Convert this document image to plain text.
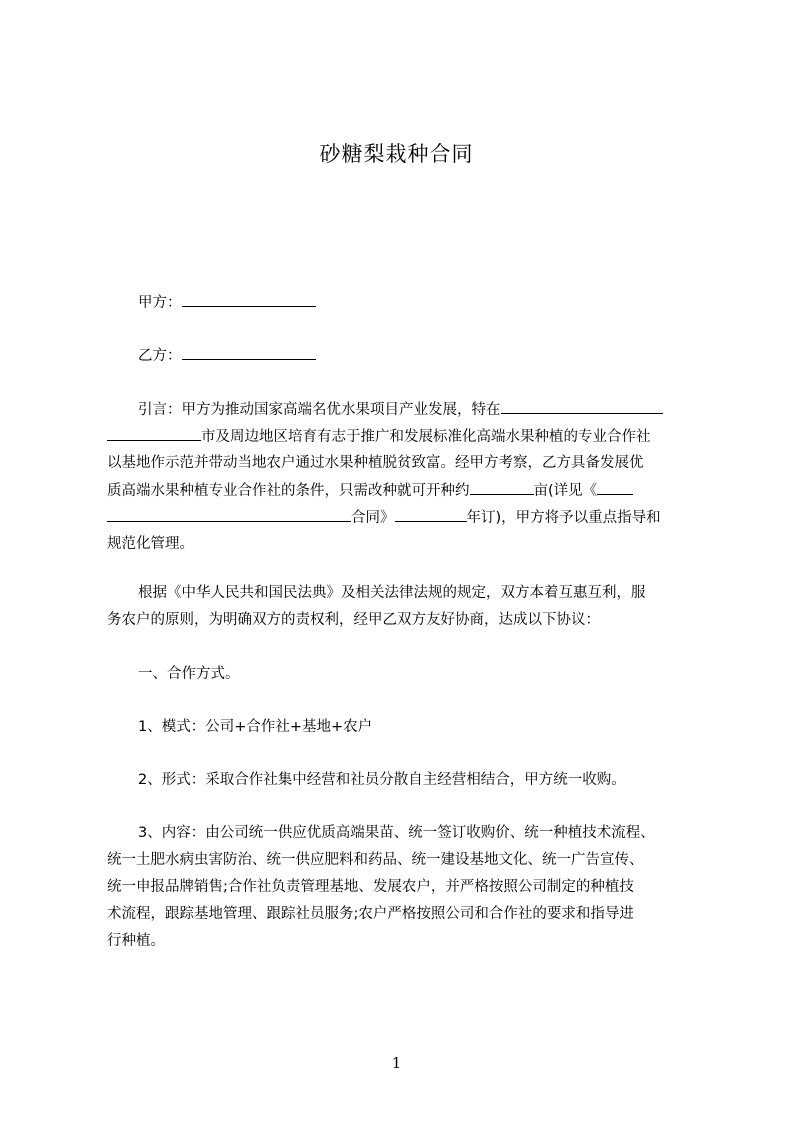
砂糖梨栽种合同
甲方：
乙方：
引言：甲方为推动国家高端名优水果项目产业发展，特在
市及周边地区培育有志于推广和发展标准化高端水果种植的专业合作社
以基地作示范并带动当地农户通过水果种植脱贫致富。经甲方考察，乙方具备发展优
质高端水果种植专业合作社的条件，只需改种就可开种约	亩(详见《
合同》	年订)，甲方将予以重点指导和
规范化管理。
根据《中华人民共和国民法典》及相关法律法规的规定，双方本着互惠互利，服
务农户的原则，为明确双方的责权利，经甲乙双方友好协商，达成以下协议：
一、合作方式。
1、模式：公司+合作社+基地+农户
2、形式：采取合作社集中经营和社员分散自主经营相结合，甲方统一收购。
3、内容：由公司统一供应优质高端果苗、统一签订收购价、统一种植技术流程、
统一土肥水病虫害防治、统一供应肥料和药品、统一建设基地文化、统一广告宣传、
统一申报品牌销售;合作社负责管理基地、发展农户，并严格按照公司制定的种植技
术流程，跟踪基地管理、跟踪社员服务;农户严格按照公司和合作社的要求和指导进
行种植。
1
